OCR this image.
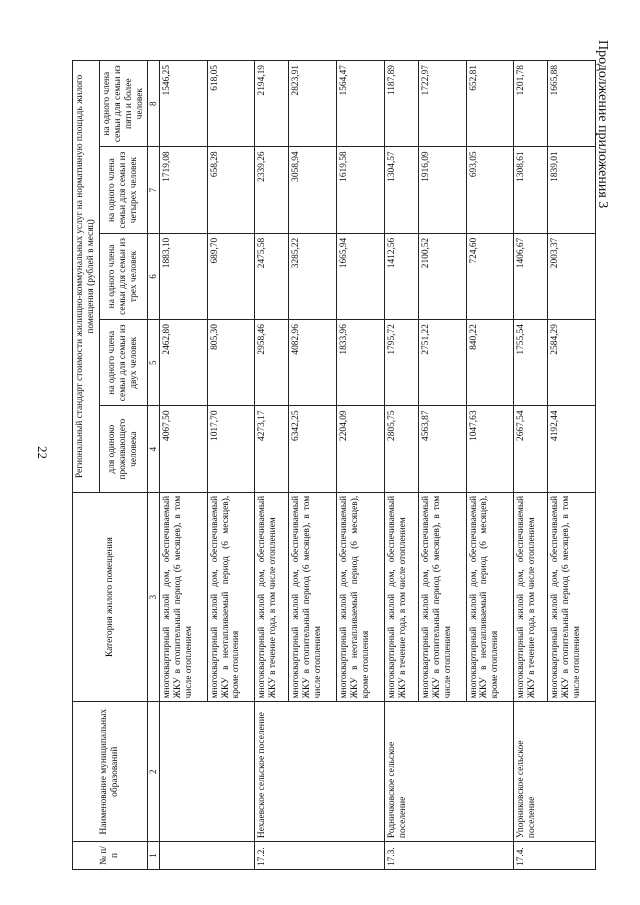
22
Продолжение приложения 3
№ п/п	Наименование муниципальных образований	Категория жилого помещения	Региональный стандарт стоимости жилищно-коммунальных услуг на нормативную площадь жилого помещения (рублей в месяц)				
			для одиноко проживающего человека	на одного члена семьи для семьи из двух человек	на одного члена семьи для семьи из трех человек	на одного члена семьи для семьи из четырех человек	на одного члена семьи для семьи из пяти и более человек
1	2	3	4	5	6	7	8
		многоквартирный жилой дом, обеспечиваемый ЖКУ в отопительный период (6 месяцев), в том числе отоплением	4067,50	2462,80	1883,10	1719,08	1546,25
		многоквартирный жилой дом, обеспечиваемый ЖКУ в неотапливаемый период (6 месяцев), кроме отопления	1017,70	805,30	689,70	658,28	618,05
17.2.	Нехаевское сельское поселение	многоквартирный жилой дом, обеспечиваемый ЖКУ в течение года, в том числе отоплением	4273,17	2958,46	2475,58	2339,26	2194,19
		многоквартирный жилой дом, обеспечиваемый ЖКУ в отопительный период (6 месяцев), в том числе отоплением	6342,25	4082,96	3285,22	3058,94	2823,91
		многоквартирный жилой дом, обеспечиваемый ЖКУ в неотапливаемый период (6 месяцев), кроме отопления	2204,09	1833,96	1665,94	1619,58	1564,47
17.3.	Родничковское сельское поселение	многоквартирный жилой дом, обеспечиваемый ЖКУ в течение года, в том числе отоплением	2805,75	1795,72	1412,56	1304,57	1187,89
		многоквартирный жилой дом, обеспечиваемый ЖКУ в отопительный период (6 месяцев), в том числе отоплением	4563,87	2751,22	2100,52	1916,09	1722,97
		многоквартирный жилой дом, обеспечиваемый ЖКУ в неотапливаемый период (6 месяцев), кроме отопления	1047,63	840,22	724,60	693,05	652,81
17.4.	Упорниковское сельское поселение	многоквартирный жилой дом, обеспечиваемый ЖКУ в течение года, в том числе отоплением	2667,54	1755,54	1406,67	1308,61	1201,78
		многоквартирный жилой дом, обеспечиваемый ЖКУ в отопительный период (6 месяцев), в том числе отоплением	4192,44	2584,29	2003,37	1839,01	1665,88
